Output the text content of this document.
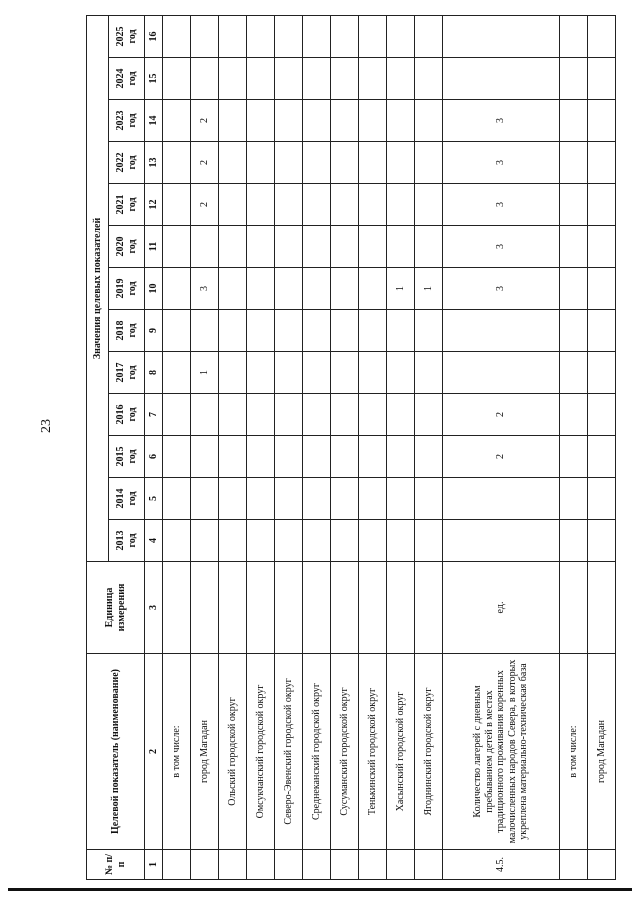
23
№ п/п	Целевой показатель (наименование)	Единица измерения	Значения целевых показателей												

			2013 год	2014 год	2015 год	2016 год	2017 год	2018 год	2019 год	2020 год	2021 год	2022 год	2023 год	2024 год	2025 год

1	2	3	4	5	6	7	8	9	10	11	12	13	14	15	16
	в том числе:														
	город Магадан						1		3		2	2	2		
	Ольский городской округ														
	Омсукчанский городской округ														
	Северо-Эвенский городской округ														
	Среднеканский городской округ														
	Сусуманский городской округ														
	Тенькинский городской округ														
	Хасынский городской округ								1						
	Ягоднинский городской округ								1						
4.5.	Количество лагерей с дневным пребыванием детей в местах традиционного проживания коренных малочисленных народов Севера, в которых укреплена материально-техническая база	ед.			2	2			3	3	3	3	3		
	в том числе:														
	город Магадан														
